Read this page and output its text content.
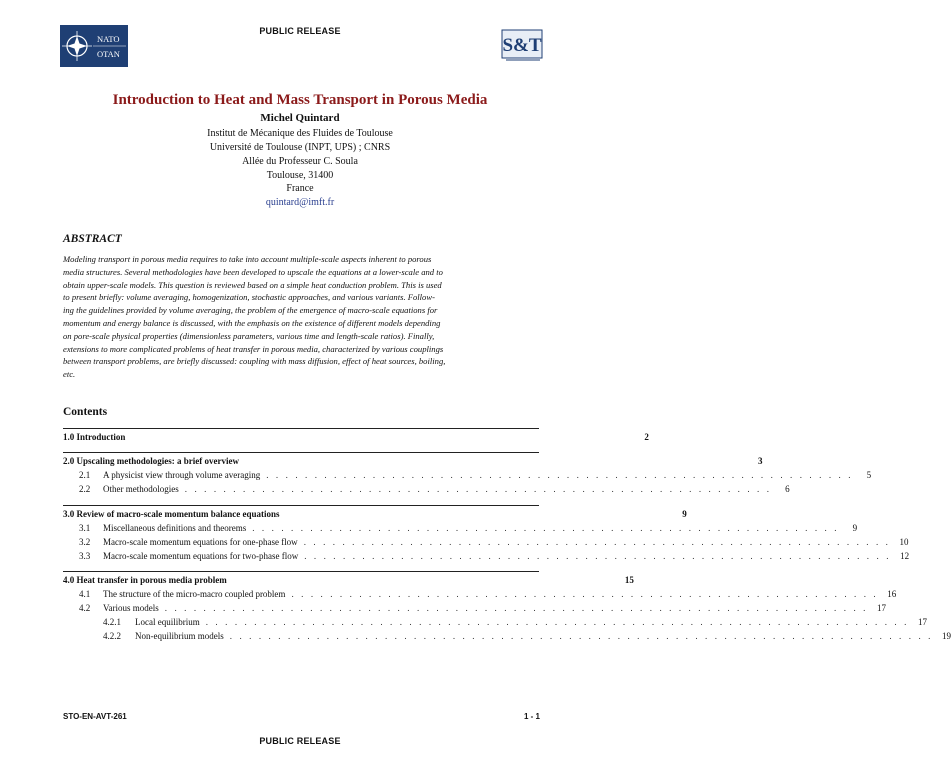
PUBLIC RELEASE
NATO
OTAN	S&T
Introduction to Heat and Mass Transport in Porous Media
Michel Quintard
Institut de Mécanique des Fluides de Toulouse
Université de Toulouse (INPT, UPS) ; CNRS
Allée du Professeur C. Soula
Toulouse, 31400
France
quintard@imft.fr
ABSTRACT
Modeling transport in porous media requires to take into account multiple-scale aspects inherent to porous
media structures. Several methodologies have been developed to upscale the equations at a lower-scale and to
obtain upper-scale models. This question is reviewed based on a simple heat conduction problem. This is used
to present briefly: volume averaging, homogenization, stochastic approaches, and various variants. Follow-
ing the guidelines provided by volume averaging, the problem of the emergence of macro-scale equations for
momentum and energy balance is discussed, with the emphasis on the existence of different models depending
on pore-scale physical properties (dimensionless parameters, various time and length-scale ratios). Finally,
extensions to more complicated problems of heat transfer in porous media, characterized by various couplings
between transport problems, are briefly discussed: coupling with mass diffusion, effect of heat sources, boiling,
etc.
Contents
1.0 Introduction	2
2.0 Upscaling methodologies: a brief overview	3
2.1	A physicist view through volume averaging . . . . . . . . . . . . . . . . . . . . . . . . . . . . . . . . . . . . . . . . . . . . . . . . . . . . . . . . . . . . .	5
2.2	Other methodologies . . . . . . . . . . . . . . . . . . . . . . . . . . . . . . . . . . . . . . . . . . . . . . . . . . . . . . . . . . . . .	6
3.0 Review of macro-scale momentum balance equations	9
3.1	Miscellaneous definitions and theorems . . . . . . . . . . . . . . . . . . . . . . . . . . . . . . . . . . . . . . . . . . . . . . . . . . . . . . . . . . . . .	9
3.2	Macro-scale momentum equations for one-phase flow . . . . . . . . . . . . . . . . . . . . . . . . . . . . . . . . . . . . . . . . . . . . . . . . . . . . . . . . . . . . .	10
3.3	Macro-scale momentum equations for two-phase flow . . . . . . . . . . . . . . . . . . . . . . . . . . . . . . . . . . . . . . . . . . . . . . . . . . . . . . . . . . . . .	12
4.0 Heat transfer in porous media problem	15
4.1	The structure of the micro-macro coupled problem . . . . . . . . . . . . . . . . . . . . . . . . . . . . . . . . . . . . . . . . . . . . . . . . . . . . . . . . . . . . .	16
4.2	Various models . . . . . . . . . . . . . . . . . . . . . . . . . . . . . . . . . . . . . . . . . . . . . . . . . . . . . . . . . . . . . . . . . . . . . . . . .	17
4.2.1	Local equilibrium . . . . . . . . . . . . . . . . . . . . . . . . . . . . . . . . . . . . . . . . . . . . . . . . . . . . . . . . . . . . . . . . . . . . . . . . .	17
4.2.2	Non-equilibrium models . . . . . . . . . . . . . . . . . . . . . . . . . . . . . . . . . . . . . . . . . . . . . . . . . . . . . . . . . . . . . . . . . . . . . . . . .	19
STO-EN-AVT-261	1 - 1
PUBLIC RELEASE
